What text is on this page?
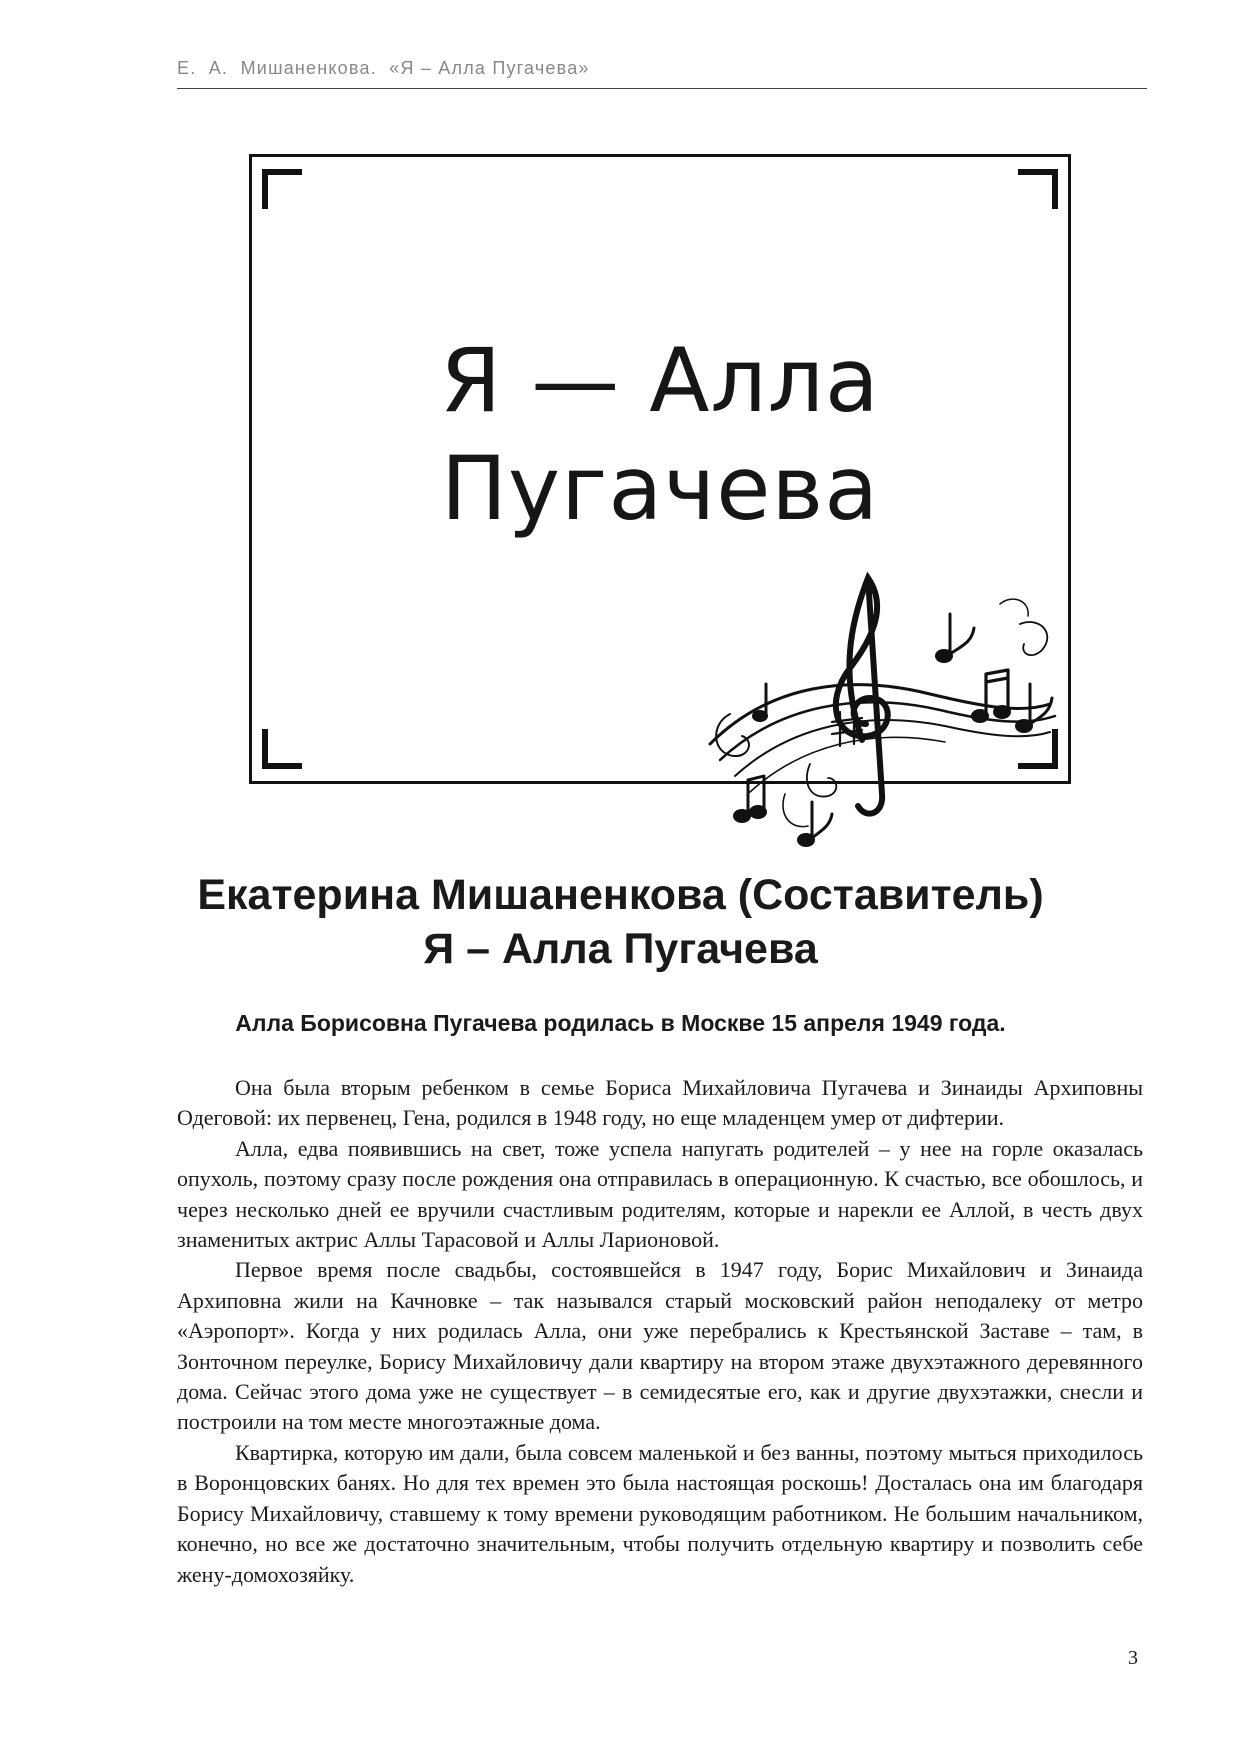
Е.  А.  Мишаненкова.  «Я – Алла Пугачева»
Я — Алла
Пугачева
Екатерина Мишаненкова (Составитель)
Я – Алла Пугачева
Алла Борисовна Пугачева родилась в Москве 15 апреля 1949 года.

Она была вторым ребенком в семье Бориса Михайловича Пугачева и Зинаиды Архиповны Одеговой: их первенец, Гена, родился в 1948 году, но еще младенцем умер от дифтерии.

Алла, едва появившись на свет, тоже успела напугать родителей – у нее на горле оказалась опухоль, поэтому сразу после рождения она отправилась в операционную. К счастью, все обошлось, и через несколько дней ее вручили счастливым родителям, которые и нарекли ее Аллой, в честь двух знаменитых актрис Аллы Тарасовой и Аллы Ларионовой.

Первое время после свадьбы, состоявшейся в 1947 году, Борис Михайлович и Зинаида Архиповна жили на Качновке – так назывался старый московский район неподалеку от метро «Аэропорт». Когда у них родилась Алла, они уже перебрались к Крестьянской Заставе – там, в Зонточном переулке, Борису Михайловичу дали квартиру на втором этаже двухэтажного деревянного дома. Сейчас этого дома уже не существует – в семидесятые его, как и другие двухэтажки, снесли и построили на том месте многоэтажные дома.

Квартирка, которую им дали, была совсем маленькой и без ванны, поэтому мыться приходилось в Воронцовских банях. Но для тех времен это была настоящая роскошь! Досталась она им благодаря Борису Михайловичу, ставшему к тому времени руководящим работником. Не большим начальником, конечно, но все же достаточно значительным, чтобы получить отдельную квартиру и позволить себе жену-домохозяйку.

3
